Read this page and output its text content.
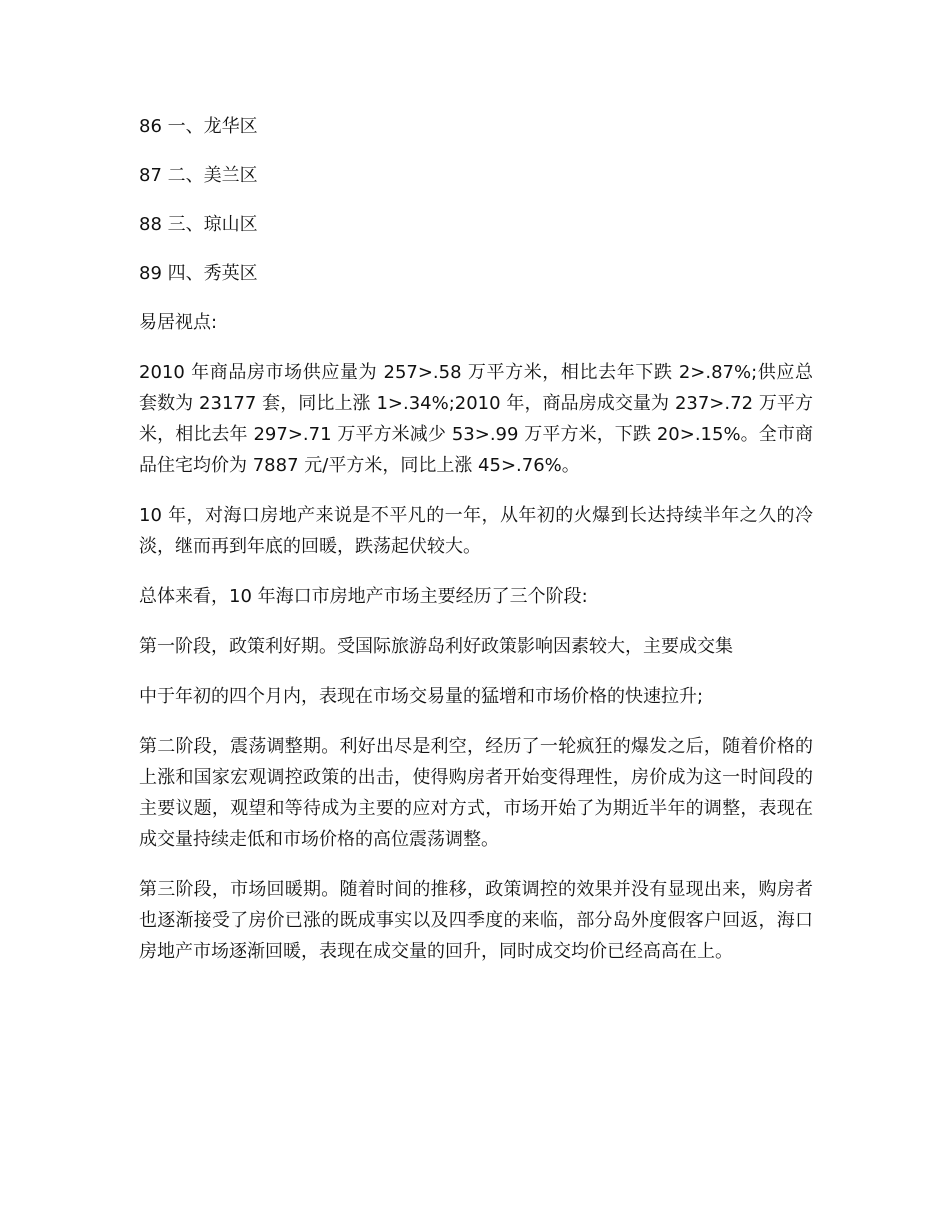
86 一、龙华区
87 二、美兰区
88 三、琼山区
89 四、秀英区
易居视点:

2010 年商品房市场供应量为 257>.58 万平方米，相比去年下跌 2>.87%;供应总套数为 23177 套，同比上涨 1>.34%;2010 年，商品房成交量为 237>.72 万平方米，相比去年 297>.71 万平方米减少 53>.99 万平方米，下跌 20>.15%。全市商品住宅均价为 7887 元/平方米，同比上涨 45>.76%。

10 年，对海口房地产来说是不平凡的一年，从年初的火爆到长达持续半年之久的冷淡，继而再到年底的回暖，跌荡起伏较大。

总体来看，10 年海口市房地产市场主要经历了三个阶段:

第一阶段，政策利好期。受国际旅游岛利好政策影响因素较大，主要成交集

中于年初的四个月内，表现在市场交易量的猛增和市场价格的快速拉升;

第二阶段，震荡调整期。利好出尽是利空，经历了一轮疯狂的爆发之后，随着价格的上涨和国家宏观调控政策的出击，使得购房者开始变得理性，房价成为这一时间段的主要议题，观望和等待成为主要的应对方式，市场开始了为期近半年的调整，表现在成交量持续走低和市场价格的高位震荡调整。

第三阶段，市场回暖期。随着时间的推移，政策调控的效果并没有显现出来，购房者也逐渐接受了房价已涨的既成事实以及四季度的来临，部分岛外度假客户回返，海口房地产市场逐渐回暖，表现在成交量的回升，同时成交均价已经高高在上。
